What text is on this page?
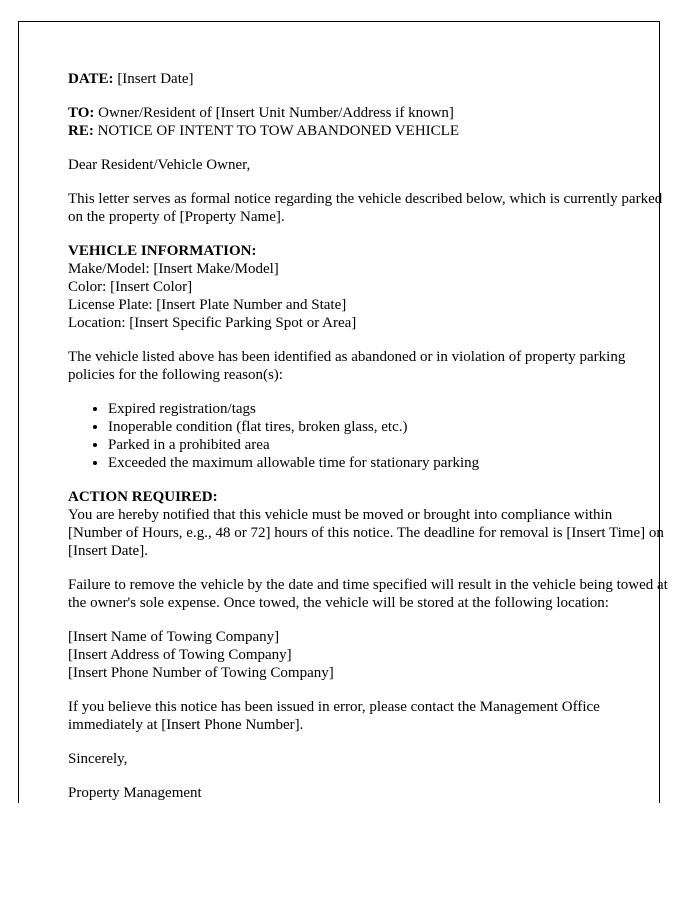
DATE: [Insert Date]

TO: Owner/Resident of [Insert Unit Number/Address if known]
RE: NOTICE OF INTENT TO TOW ABANDONED VEHICLE

Dear Resident/Vehicle Owner,

This letter serves as formal notice regarding the vehicle described below, which is currently parked on the property of [Property Name].

VEHICLE INFORMATION:
Make/Model: [Insert Make/Model]
Color: [Insert Color]
License Plate: [Insert Plate Number and State]
Location: [Insert Specific Parking Spot or Area]

The vehicle listed above has been identified as abandoned or in violation of property parking policies for the following reason(s):

• Expired registration/tags
• Inoperable condition (flat tires, broken glass, etc.)
• Parked in a prohibited area
• Exceeded the maximum allowable time for stationary parking

ACTION REQUIRED:
You are hereby notified that this vehicle must be moved or brought into compliance within [Number of Hours, e.g., 48 or 72] hours of this notice. The deadline for removal is [Insert Time] on [Insert Date].

Failure to remove the vehicle by the date and time specified will result in the vehicle being towed at the owner's sole expense. Once towed, the vehicle will be stored at the following location:

[Insert Name of Towing Company]
[Insert Address of Towing Company]
[Insert Phone Number of Towing Company]

If you believe this notice has been issued in error, please contact the Management Office immediately at [Insert Phone Number].

Sincerely,

Property Management
